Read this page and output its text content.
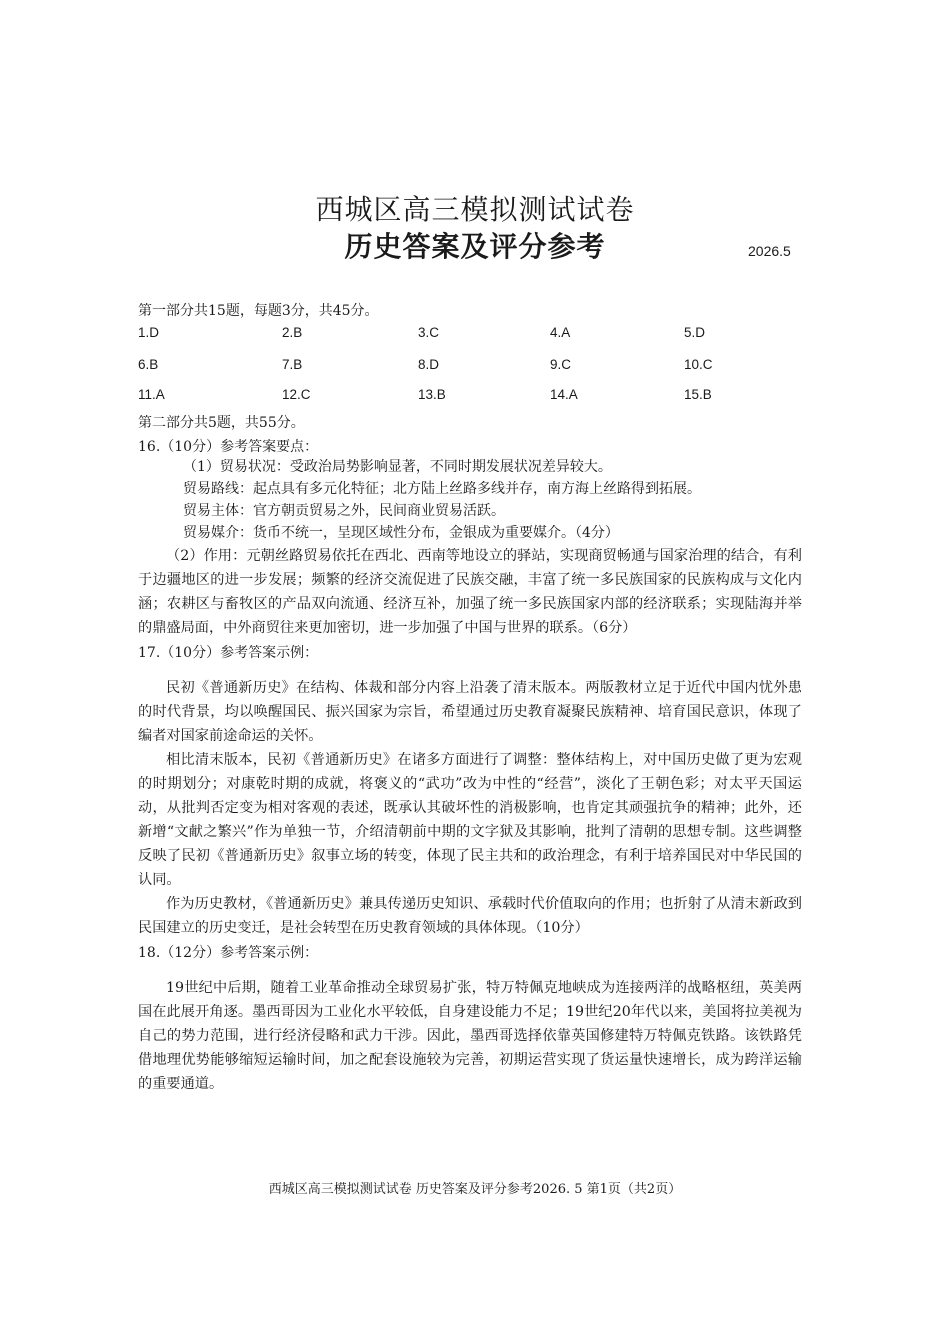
西城区高三模拟测试试卷
历史答案及评分参考	2026.5
第一部分共15题，每题3分，共45分。
1.D	2.B	3.C	4.A	5.D
6.B	7.B	8.D	9.C	10.C
11.A	12.C	13.B	14.A	15.B
第二部分共5题，共55分。
16.（10分）参考答案要点：
（1）贸易状况：受政治局势影响显著，不同时期发展状况差异较大。
贸易路线：起点具有多元化特征；北方陆上丝路多线并存，南方海上丝路得到拓展。
贸易主体：官方朝贡贸易之外，民间商业贸易活跃。
贸易媒介：货币不统一，呈现区域性分布，金银成为重要媒介。（4分）

（2）作用：元朝丝路贸易依托在西北、西南等地设立的驿站，实现商贸畅通与国家治理的结合，有利于边疆地区的进一步发展；频繁的经济交流促进了民族交融，丰富了统一多民族国家的民族构成与文化内涵；农耕区与畜牧区的产品双向流通、经济互补，加强了统一多民族国家内部的经济联系；实现陆海并举的鼎盛局面，中外商贸往来更加密切，进一步加强了中国与世界的联系。（6分）

17.（10分）参考答案示例：

民初《普通新历史》在结构、体裁和部分内容上沿袭了清末版本。两版教材立足于近代中国内忧外患的时代背景，均以唤醒国民、振兴国家为宗旨，希望通过历史教育凝聚民族精神、培育国民意识，体现了编者对国家前途命运的关怀。

相比清末版本，民初《普通新历史》在诸多方面进行了调整：整体结构上，对中国历史做了更为宏观的时期划分；对康乾时期的成就，将褒义的“武功”改为中性的“经营”，淡化了王朝色彩；对太平天国运动，从批判否定变为相对客观的表述，既承认其破坏性的消极影响，也肯定其顽强抗争的精神；此外，还新增“文献之繁兴”作为单独一节，介绍清朝前中期的文字狱及其影响，批判了清朝的思想专制。这些调整反映了民初《普通新历史》叙事立场的转变，体现了民主共和的政治理念，有利于培养国民对中华民国的认同。

作为历史教材，《普通新历史》兼具传递历史知识、承载时代价值取向的作用；也折射了从清末新政到民国建立的历史变迁，是社会转型在历史教育领域的具体体现。（10分）

18.（12分）参考答案示例：

19世纪中后期，随着工业革命推动全球贸易扩张，特万特佩克地峡成为连接两洋的战略枢纽，英美两国在此展开角逐。墨西哥因为工业化水平较低，自身建设能力不足；19世纪20年代以来，美国将拉美视为自己的势力范围，进行经济侵略和武力干涉。因此，墨西哥选择依靠英国修建特万特佩克铁路。该铁路凭借地理优势能够缩短运输时间，加之配套设施较为完善，初期运营实现了货运量快速增长，成为跨洋运输的重要通道。

西城区高三模拟测试试卷 历史答案及评分参考2026. 5 第1页（共2页）
